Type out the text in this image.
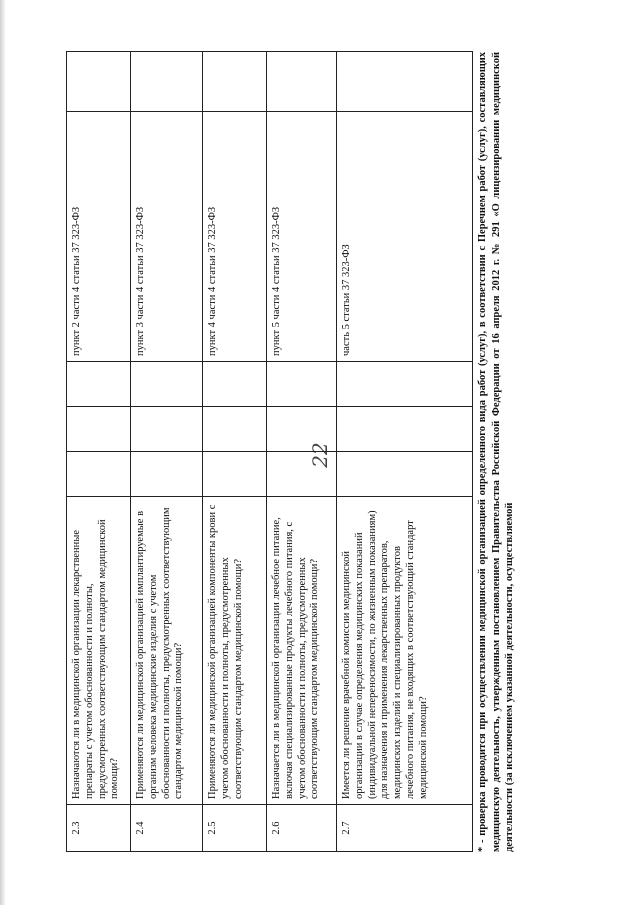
22
2.3	Назначаются ли в медицинской организации лекарственные препараты с учетом обоснованности и полноты, предусмотренных соответствующим стандартом медицинской помощи?				пункт 2 части 4 статьи 37 323-ФЗ	
2.4	Применяются ли медицинской организацией имплантируемые в организм человека медицинские изделия с учетом обоснованности и полноты, предусмотренных соответствующим стандартом медицинской помощи?				пункт 3 части 4 статьи 37 323-ФЗ	
2.5	Применяются ли медицинской организацией компоненты крови с учетом обоснованности и полноты, предусмотренных соответствующим стандартом медицинской помощи?				пункт 4 части 4 статьи 37 323-ФЗ	
2.6	Назначается ли в медицинской организации лечебное питание, включая специализированные продукты лечебного питания, с учетом обоснованности и полноты, предусмотренных соответствующим стандартом медицинской помощи?				пункт 5 части 4 статьи 37 323-ФЗ	
2.7	Имеется ли решение врачебной комиссии медицинской организации в случае определения медицинских показаний (индивидуальной непереносимости, по жизненным показаниям) для назначения и применения лекарственных препаратов, медицинских изделий и специализированных продуктов лечебного питания, не входящих в соответствующий стандарт медицинской помощи?				часть 5 статьи 37 323-ФЗ		* - проверка проводится при осуществлении медицинской организацией определенного вида работ (услуг), в соответствии с Перечнем работ (услуг), составляющих медицинскую деятельность, утвержденным постановлением Правительства Российской Федерации от 16 апреля 2012 г. № 291 «О лицензировании медицинской деятельности (за исключением указанной деятельности, осуществляемой
